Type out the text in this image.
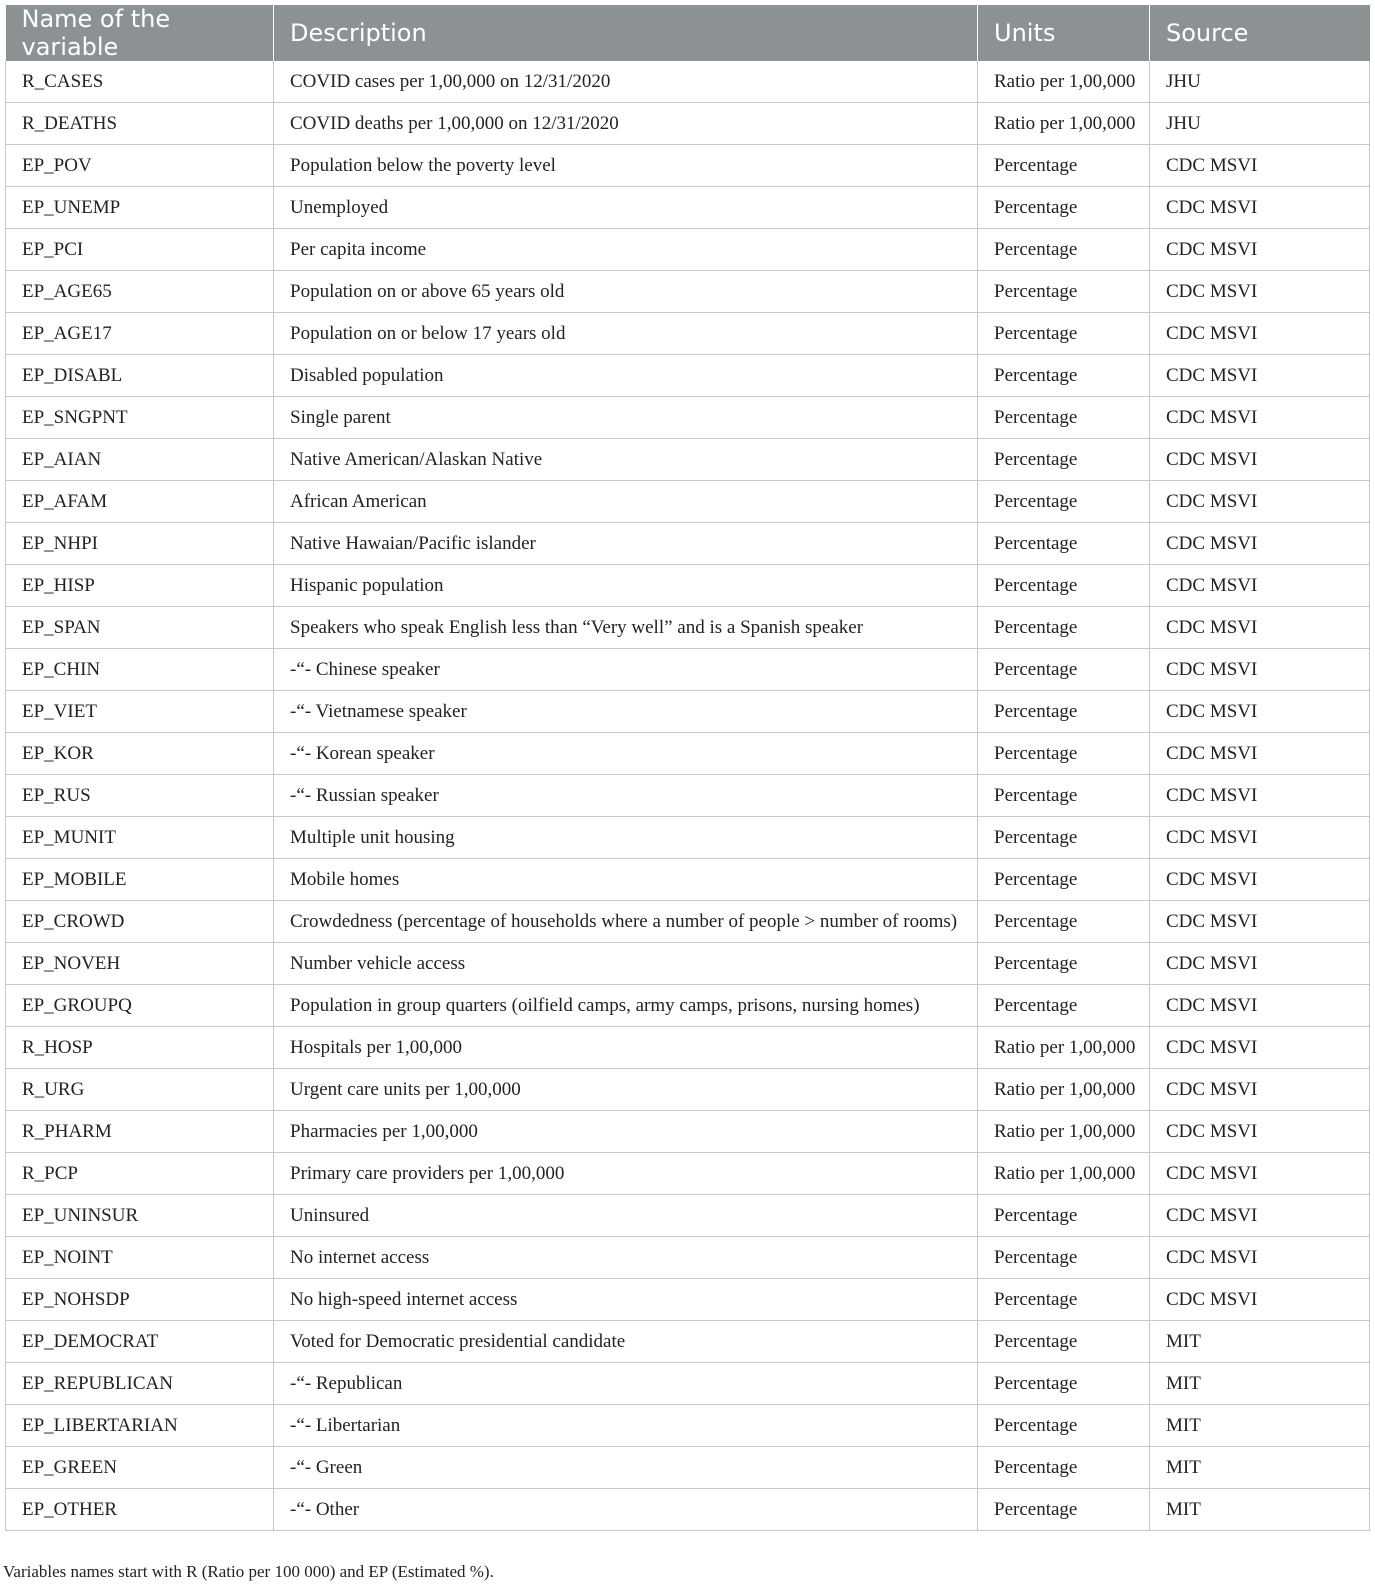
Name of the variable	Description	Units	Source
R_CASES	COVID cases per 1,00,000 on 12/31/2020	Ratio per 1,00,000	JHU
R_DEATHS	COVID deaths per 1,00,000 on 12/31/2020	Ratio per 1,00,000	JHU
EP_POV	Population below the poverty level	Percentage	CDC MSVI
EP_UNEMP	Unemployed	Percentage	CDC MSVI
EP_PCI	Per capita income	Percentage	CDC MSVI
EP_AGE65	Population on or above 65 years old	Percentage	CDC MSVI
EP_AGE17	Population on or below 17 years old	Percentage	CDC MSVI
EP_DISABL	Disabled population	Percentage	CDC MSVI
EP_SNGPNT	Single parent	Percentage	CDC MSVI
EP_AIAN	Native American/Alaskan Native	Percentage	CDC MSVI
EP_AFAM	African American	Percentage	CDC MSVI
EP_NHPI	Native Hawaian/Pacific islander	Percentage	CDC MSVI
EP_HISP	Hispanic population	Percentage	CDC MSVI
EP_SPAN	Speakers who speak English less than “Very well” and is a Spanish speaker	Percentage	CDC MSVI
EP_CHIN	-“- Chinese speaker	Percentage	CDC MSVI
EP_VIET	-“- Vietnamese speaker	Percentage	CDC MSVI
EP_KOR	-“- Korean speaker	Percentage	CDC MSVI
EP_RUS	-“- Russian speaker	Percentage	CDC MSVI
EP_MUNIT	Multiple unit housing	Percentage	CDC MSVI
EP_MOBILE	Mobile homes	Percentage	CDC MSVI
EP_CROWD	Crowdedness (percentage of households where a number of people > number of rooms)	Percentage	CDC MSVI
EP_NOVEH	Number vehicle access	Percentage	CDC MSVI
EP_GROUPQ	Population in group quarters (oilfield camps, army camps, prisons, nursing homes)	Percentage	CDC MSVI
R_HOSP	Hospitals per 1,00,000	Ratio per 1,00,000	CDC MSVI
R_URG	Urgent care units per 1,00,000	Ratio per 1,00,000	CDC MSVI
R_PHARM	Pharmacies per 1,00,000	Ratio per 1,00,000	CDC MSVI
R_PCP	Primary care providers per 1,00,000	Ratio per 1,00,000	CDC MSVI
EP_UNINSUR	Uninsured	Percentage	CDC MSVI
EP_NOINT	No internet access	Percentage	CDC MSVI
EP_NOHSDP	No high-speed internet access	Percentage	CDC MSVI
EP_DEMOCRAT	Voted for Democratic presidential candidate	Percentage	MIT
EP_REPUBLICAN	-“- Republican	Percentage	MIT
EP_LIBERTARIAN	-“- Libertarian	Percentage	MIT
EP_GREEN	-“- Green	Percentage	MIT
EP_OTHER	-“- Other	Percentage	MIT
Variables names start with R (Ratio per 100 000) and EP (Estimated %).
